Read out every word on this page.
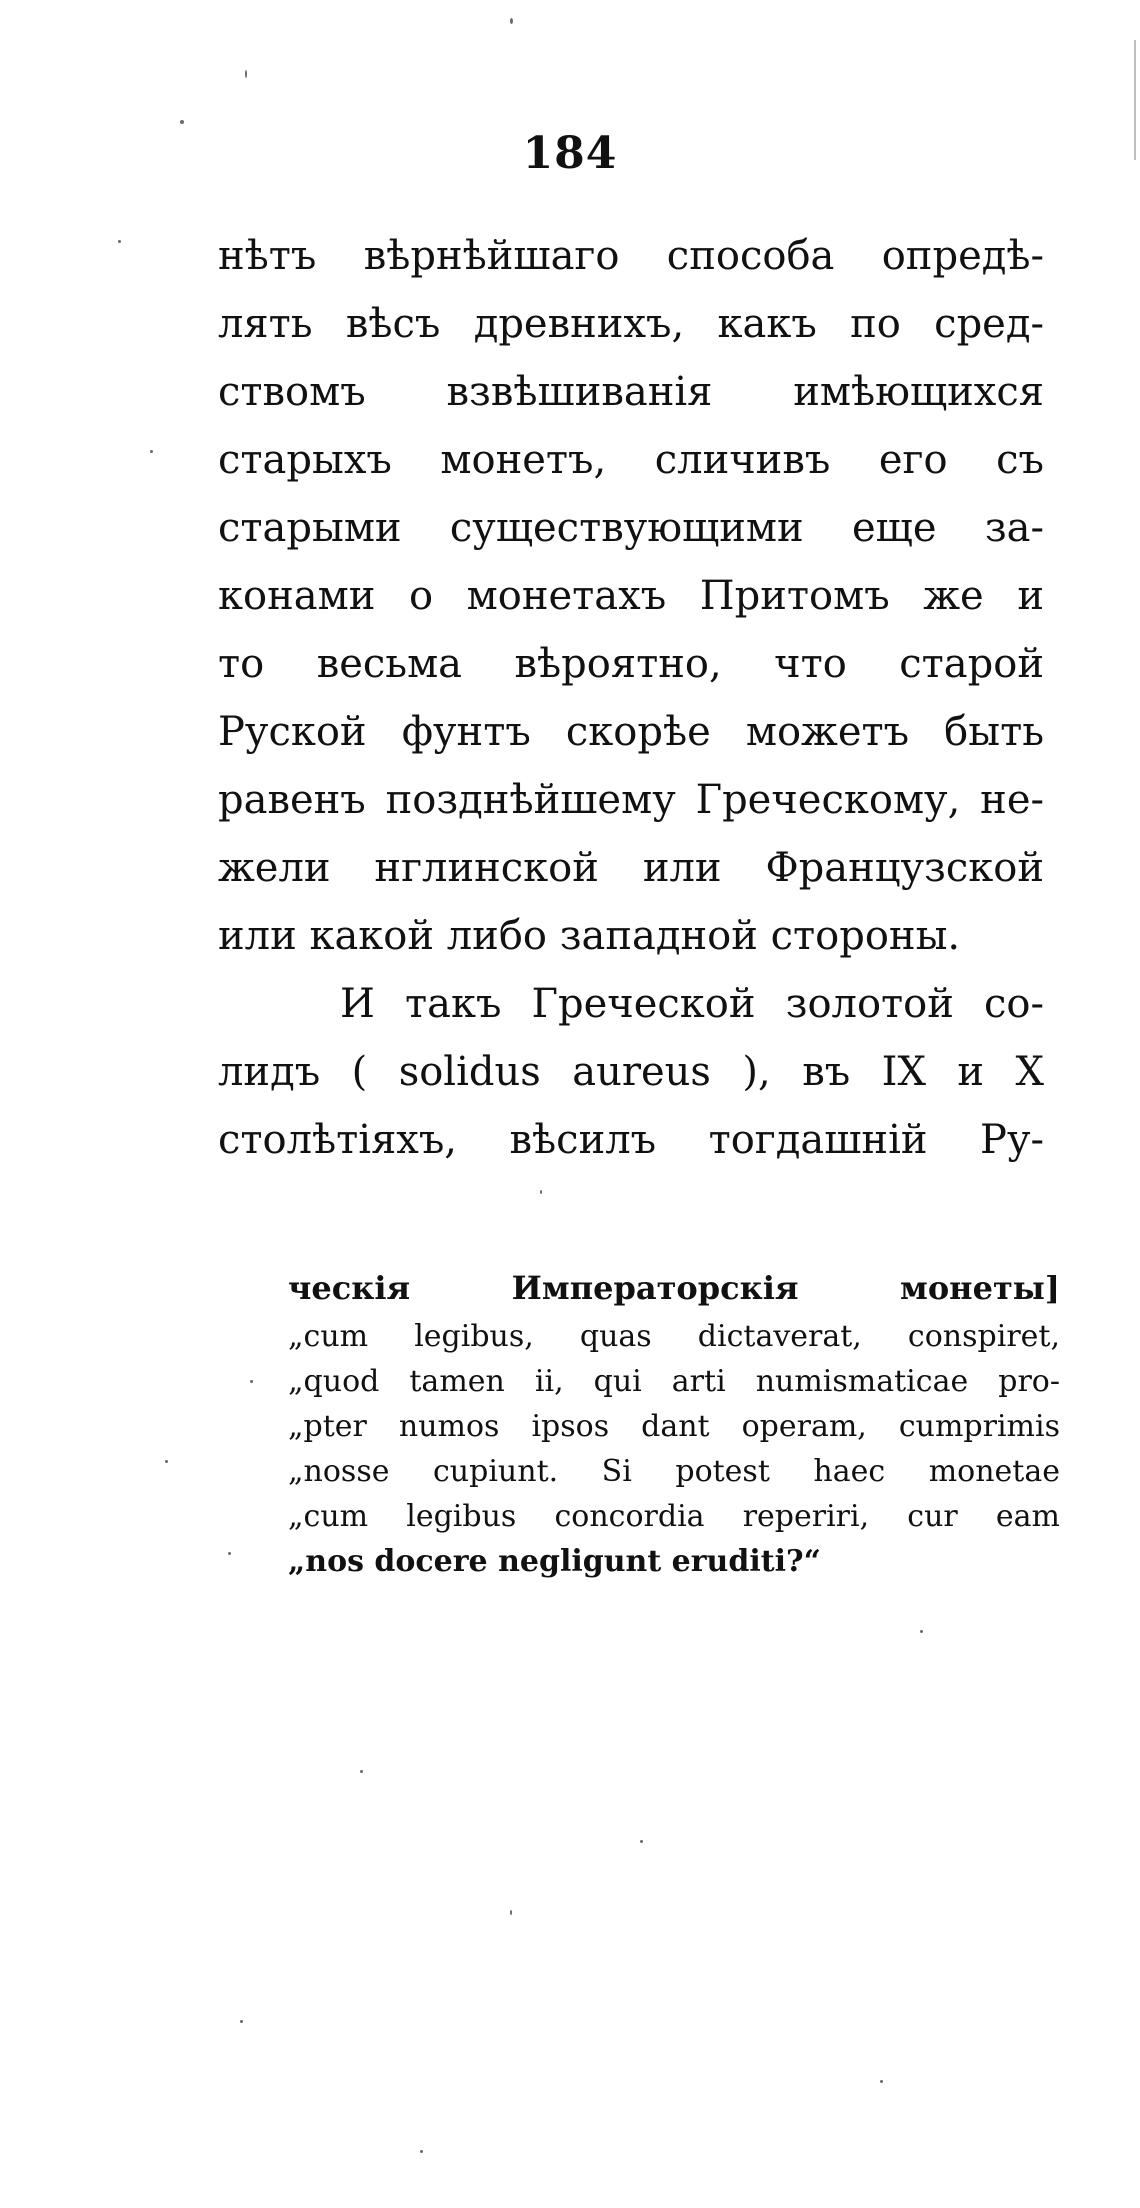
184
нѣтъ вѣрнѣйшаго способа опредѣ-
лять вѣсъ древнихъ, какъ по сред-
ствомъ взвѣшиванія имѣющихся
старыхъ монетъ, сличивъ его съ
старыми существующими еще за-
конами о монетахъ Притомъ же и
то весьма вѣроятно, что старой
Руской фунтъ скорѣе можетъ быть
равенъ позднѣйшему Греческому, не-
жели нглинской или Французской
или какой либо западной стороны.
И такъ Греческой золотой со-
лидъ ( solidus aureus ), въ IX и X
столѣтіяхъ, вѣсилъ тогдашній Ру-
ческія Императорскія монеты]
„cum legibus, quas dictaverat, conspiret,
„quod tamen ii, qui arti numismaticae pro-
„pter numos ipsos dant operam, cumprimis
„nosse cupiunt. Si potest haec monetae
„cum legibus concordia reperiri, cur eam
„nos docere negligunt eruditi?“
